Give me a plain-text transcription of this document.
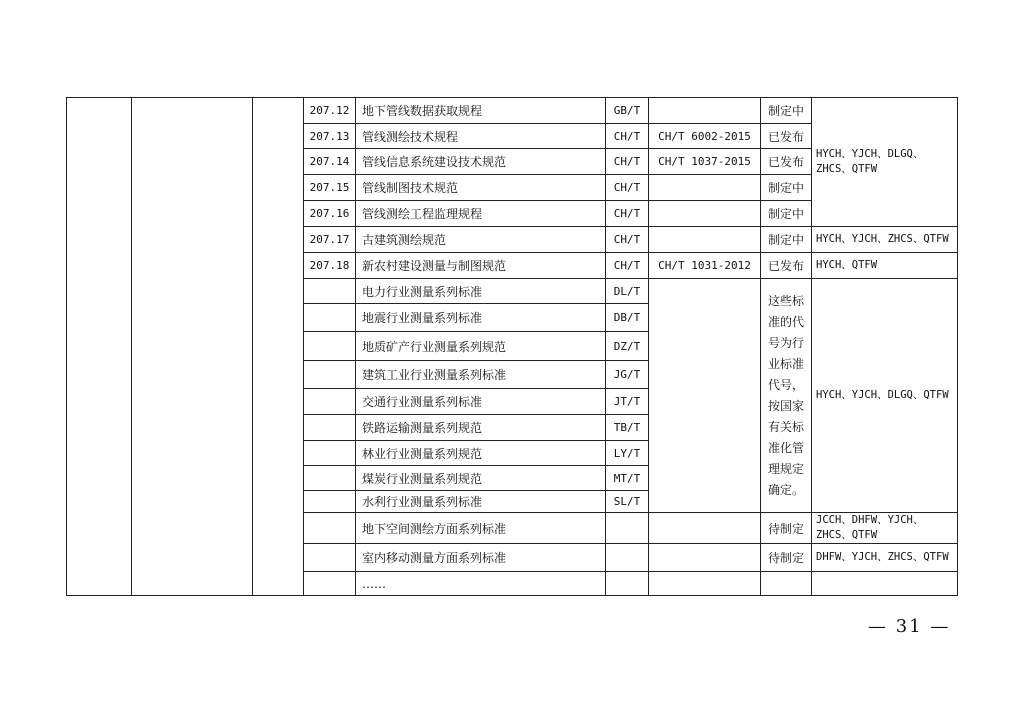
			207.12	地下管线数据获取规程	GB/T		制定中	HYCH、YJCH、DLGQ、ZHCS、QTFW
			207.13	管线测绘技术规程	CH/T	CH/T 6002-2015	已发布	
			207.14	管线信息系统建设技术规范	CH/T	CH/T 1037-2015	已发布	
			207.15	管线制图技术规范	CH/T		制定中	
			207.16	管线测绘工程监理规程	CH/T		制定中	
			207.17	古建筑测绘规范	CH/T		制定中	HYCH、YJCH、ZHCS、QTFW
			207.18	新农村建设测量与制图规范	CH/T	CH/T 1031-2012	已发布	HYCH、QTFW
				电力行业测量系列标准	DL/T		这些标准的代号为行业标准代号，按国家有关标准化管理规定确定。	HYCH、YJCH、DLGQ、QTFW
				地震行业测量系列标准	DB/T			
				地质矿产行业测量系列规范	DZ/T			
				建筑工业行业测量系列标准	JG/T			
				交通行业测量系列标准	JT/T			
				铁路运输测量系列规范	TB/T			
				林业行业测量系列规范	LY/T			
				煤炭行业测量系列规范	MT/T			
				水利行业测量系列标准	SL/T			
				地下空间测绘方面系列标准			待制定	JCCH、DHFW、YJCH、ZHCS、QTFW
				室内移动测量方面系列标准			待制定	DHFW、YJCH、ZHCS、QTFW
				……				
— 31 —
